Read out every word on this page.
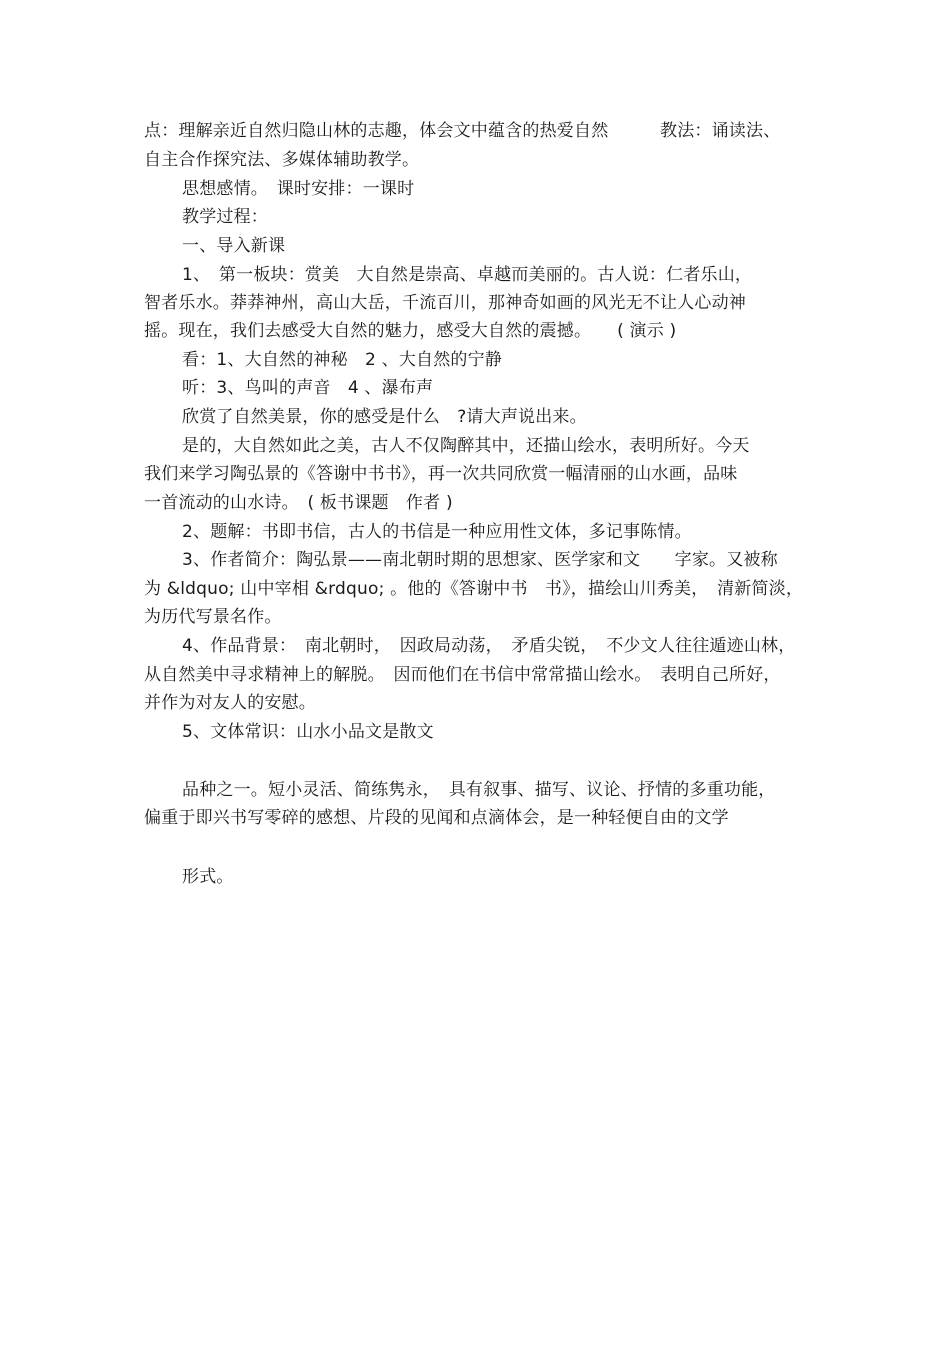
点：理解亲近自然归隐山林的志趣，体会文中蕴含的热爱自然　　　教法：诵读法、
自主合作探究法、多媒体辅助教学。
思想感情。　课时安排：一课时
教学过程：
一、导入新课
1、　第一板块：赏美　大自然是崇高、卓越而美丽的。古人说：仁者乐山，
智者乐水。莽莽神州，高山大岳，千流百川，那神奇如画的风光无不让人心动神
摇。现在，我们去感受大自然的魅力，感受大自然的震撼。　　( 演示 )
看：1、大自然的神秘　2 、大自然的宁静
听：3、鸟叫的声音　4 、瀑布声
欣赏了自然美景，你的感受是什么　?请大声说出来。
是的，大自然如此之美，古人不仅陶醉其中，还描山绘水，表明所好。今天
我们来学习陶弘景的《答谢中书书》，再一次共同欣赏一幅清丽的山水画，品味
一首流动的山水诗。　( 板书课题　作者 )
2、题解：书即书信，古人的书信是一种应用性文体，多记事陈情。
3、作者简介：陶弘景——南北朝时期的思想家、医学家和文　　字家。又被称
为 &ldquo; 山中宰相 &rdquo; 。他的《答谢中书　书》，描绘山川秀美，　清新简淡，
为历代写景名作。
4、作品背景：　南北朝时，　因政局动荡，　矛盾尖锐，　不少文人往往遁迹山林，
从自然美中寻求精神上的解脱。　因而他们在书信中常常描山绘水。　表明自己所好，
并作为对友人的安慰。
5、文体常识：山水小品文是散文
品种之一。短小灵活、简练隽永，　具有叙事、描写、议论、抒情的多重功能，
偏重于即兴书写零碎的感想、片段的见闻和点滴体会，是一种轻便自由的文学
形式。
